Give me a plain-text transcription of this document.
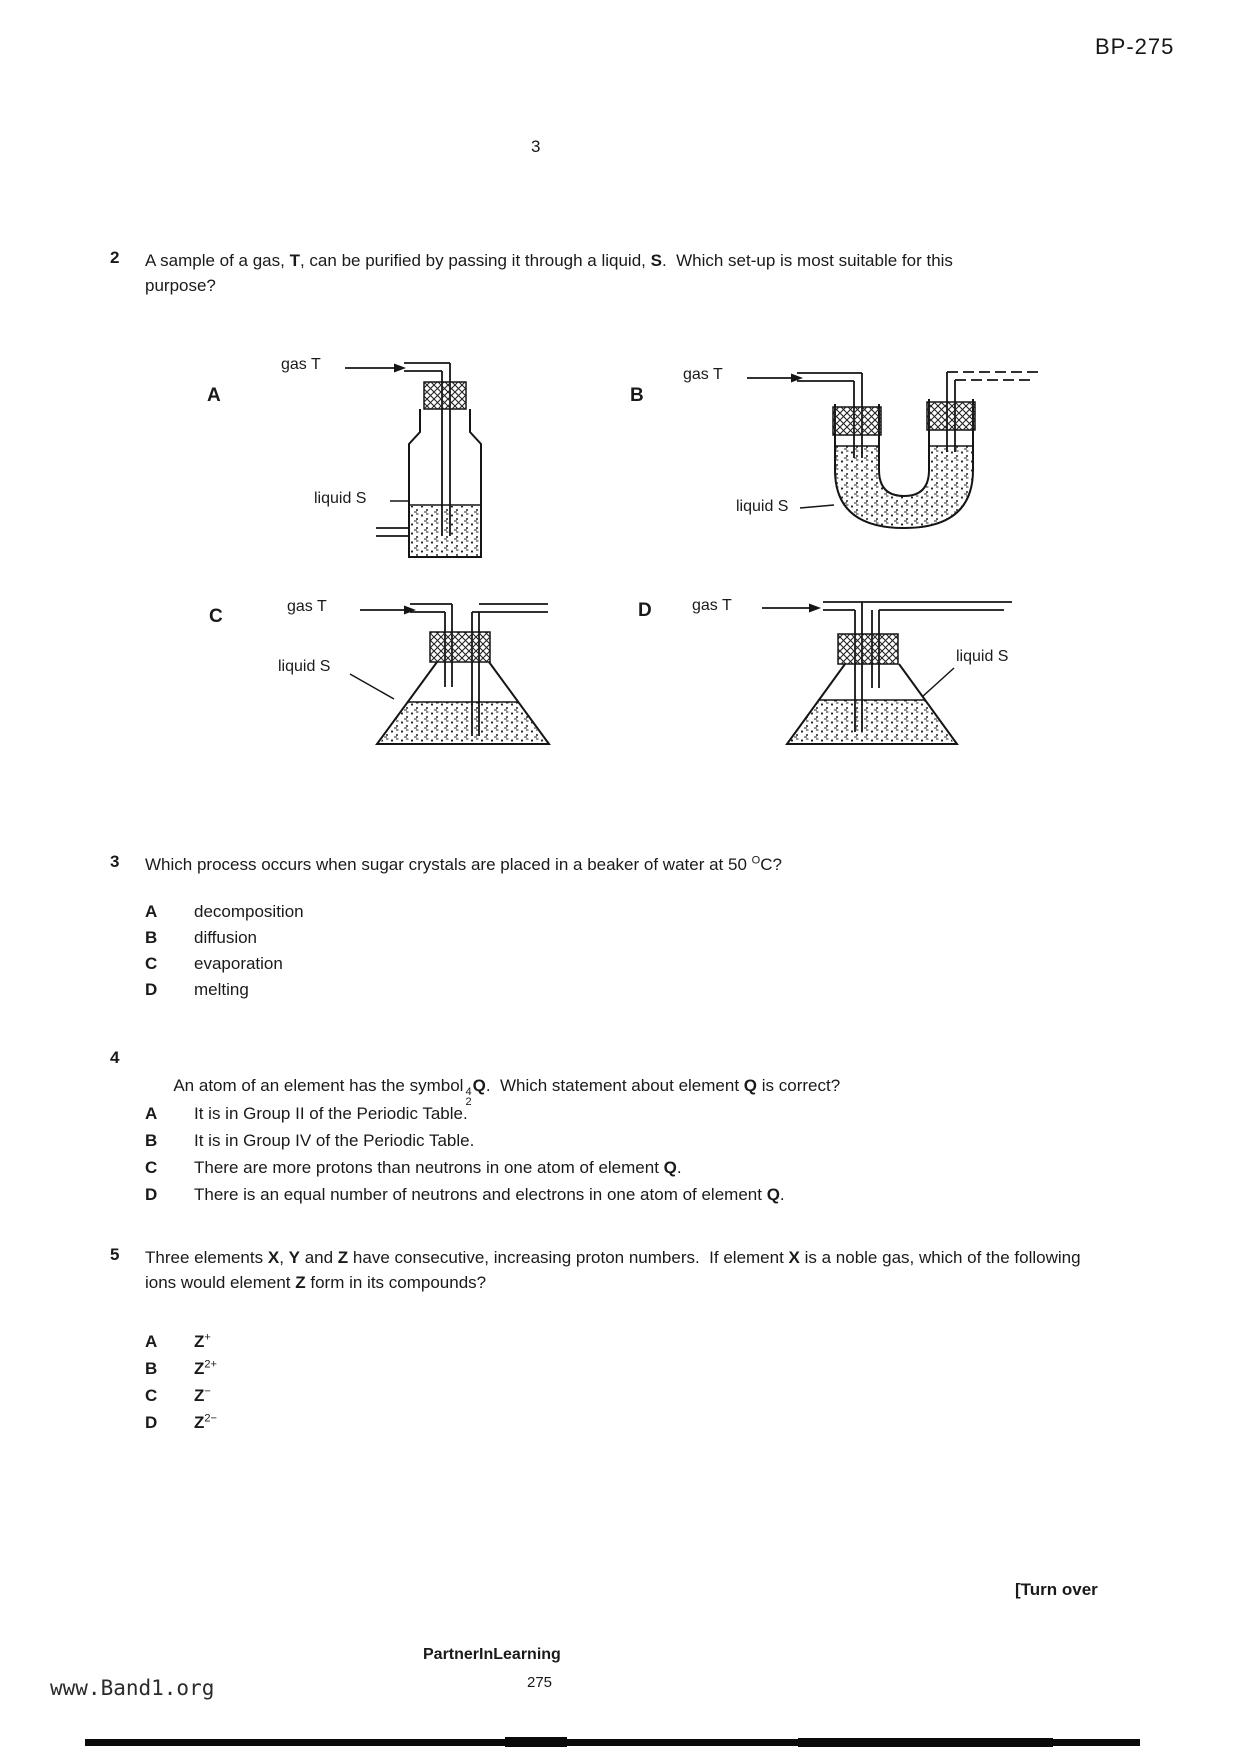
BP-275
3
2 A sample of a gas, T, can be purified by passing it through a liquid, S.  Which set-up is most suitable for this purpose?
A
gas T
liquid S
B
gas T
liquid S
C	gas T
liquid S
D	gas T
liquid S
3 Which process occurs when sugar crystals are placed in a beaker of water at 50 $^O$C?
A	decomposition
B	diffusion
C	evaporation
D	melting
4

An atom of an element has the symbol 4
2
Q.  Which statement about element Q is correct?

A	It is in Group II of the Periodic Table.
B	It is in Group IV of the Periodic Table.
C	There are more protons than neutrons in one atom of element Q.
D	There is an equal number of neutrons and electrons in one atom of element Q.
5 Three elements X, Y and Z have consecutive, increasing proton numbers.  If element X is a noble gas, which of the following ions would element Z form in its compounds?
A	Z+
B	$Z^{2+}$
C	Z−
D	$Z^{2-}$
[Turn over
PartnerInLearning
275
www.Band1.org
